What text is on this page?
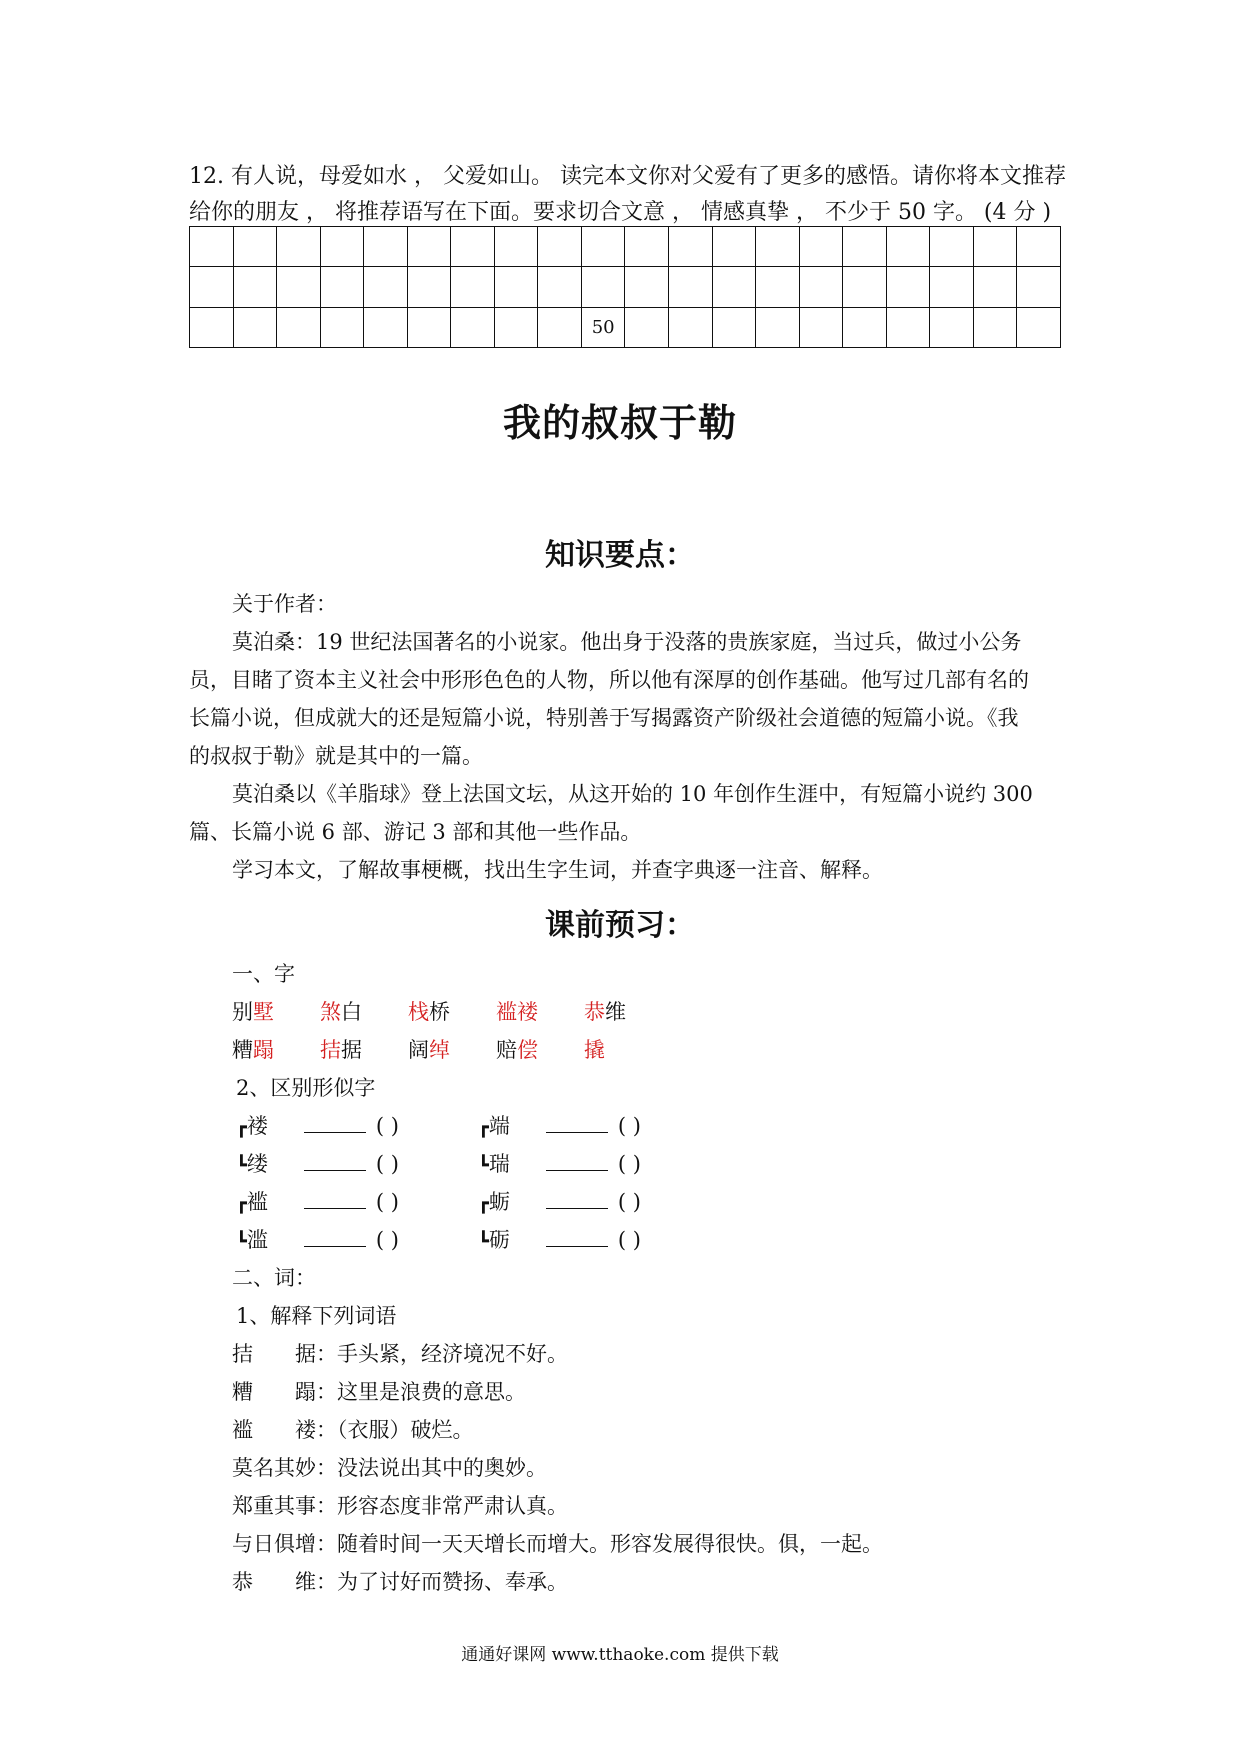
12. 有人说，母爱如水 ， 父爱如山。 读完本文你对父爱有了更多的感悟。请你将本文推荐
给你的朋友 ， 将推荐语写在下面。要求切合文意 ， 情感真挚 ， 不少于 50 字。 (4 分 )

									50										
我的叔叔于勒
知识要点：
关于作者：
莫泊桑：19 世纪法国著名的小说家。他出身于没落的贵族家庭，当过兵，做过小公务
员，目睹了资本主义社会中形形色色的人物，所以他有深厚的创作基础。他写过几部有名的
长篇小说，但成就大的还是短篇小说，特别善于写揭露资产阶级社会道德的短篇小说。《我
的叔叔于勒》就是其中的一篇。
莫泊桑以《羊脂球》登上法国文坛，从这开始的 10 年创作生涯中，有短篇小说约 300
篇、长篇小说 6 部、游记 3 部和其他一些作品。
学习本文，了解故事梗概，找出生字生词，并查字典逐一注音、解释。
课前预习：
一、字
别墅 煞白 栈桥 褴褛 恭维
糟蹋 拮据 阔绰 赔偿 撬
2、区别形似字
┏褛	( )
┗缕	( )
┏褴	( )
┗滥	( )
┏端	( )
┗瑞	( )
┏蛎	( )
┗砺	( )
二、词：
1、解释下列词语
拮　　据：手头紧，经济境况不好。
糟　　蹋：这里是浪费的意思。
褴　　褛：（衣服）破烂。
莫名其妙：没法说出其中的奥妙。
郑重其事：形容态度非常严肃认真。
与日俱增：随着时间一天天增长而增大。形容发展得很快。俱，一起。
恭　　维：为了讨好而赞扬、奉承。
通通好课网 www.tthaoke.com 提供下载
